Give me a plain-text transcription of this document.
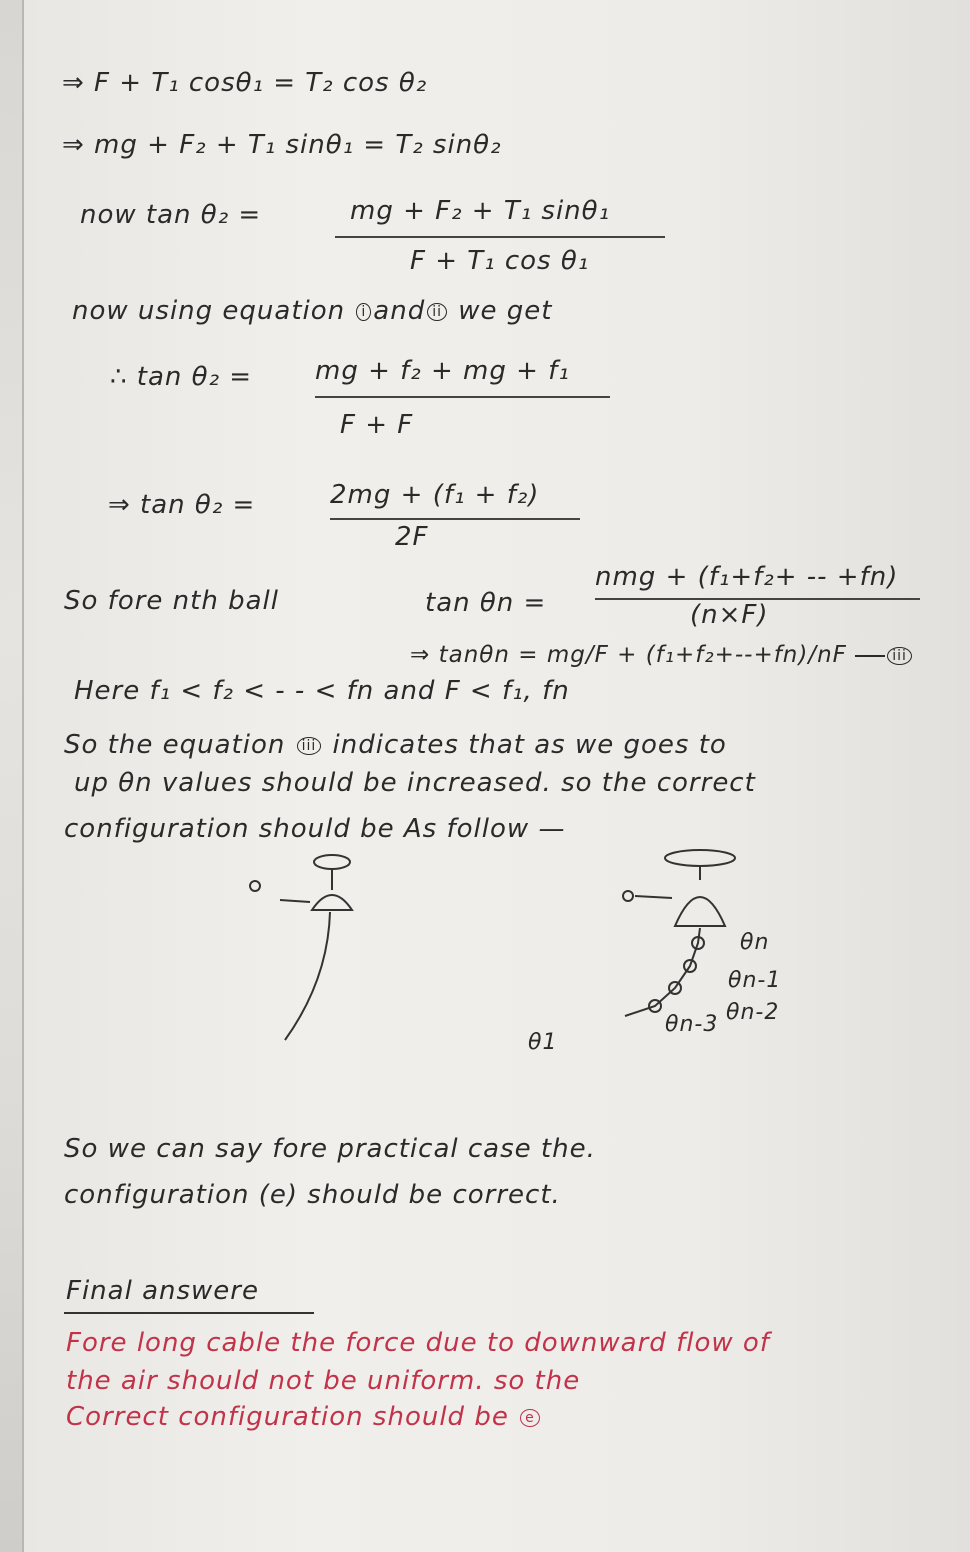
⇒ F + T₁ cosθ₁ = T₂ cos θ₂
⇒ mg + F₂ + T₁ sinθ₁ = T₂ sinθ₂
now tan θ₂ =	mg + F₂ + T₁ sinθ₁
F + T₁ cos θ₁
now using equation i and ii we get
∴ tan θ₂ = mg + f₂ + mg + f₁
F + F
⇒ tan θ₂ =	2mg + (f₁ + f₂)
2F
So fore nth ball	tan θn =
nmg + (f₁+f₂+ -- +fn)
(n×F)
⇒ tanθn = mg/F + (f₁+f₂+--+fn)/nF	iii
Here f₁ < f₂ < - - < fn and F < f₁, fn
So the equation iii indicates that as we goes to
up θn values should be increased. so the correct
configuration should be As follow —
θn
θn-1
θn-2
θn-3
θ1
So we can say fore practical case the.
configuration (e) should be correct.
Final answere
Fore long cable the force due to downward flow of
the air should not be uniform. so the
Correct configuration should be e
